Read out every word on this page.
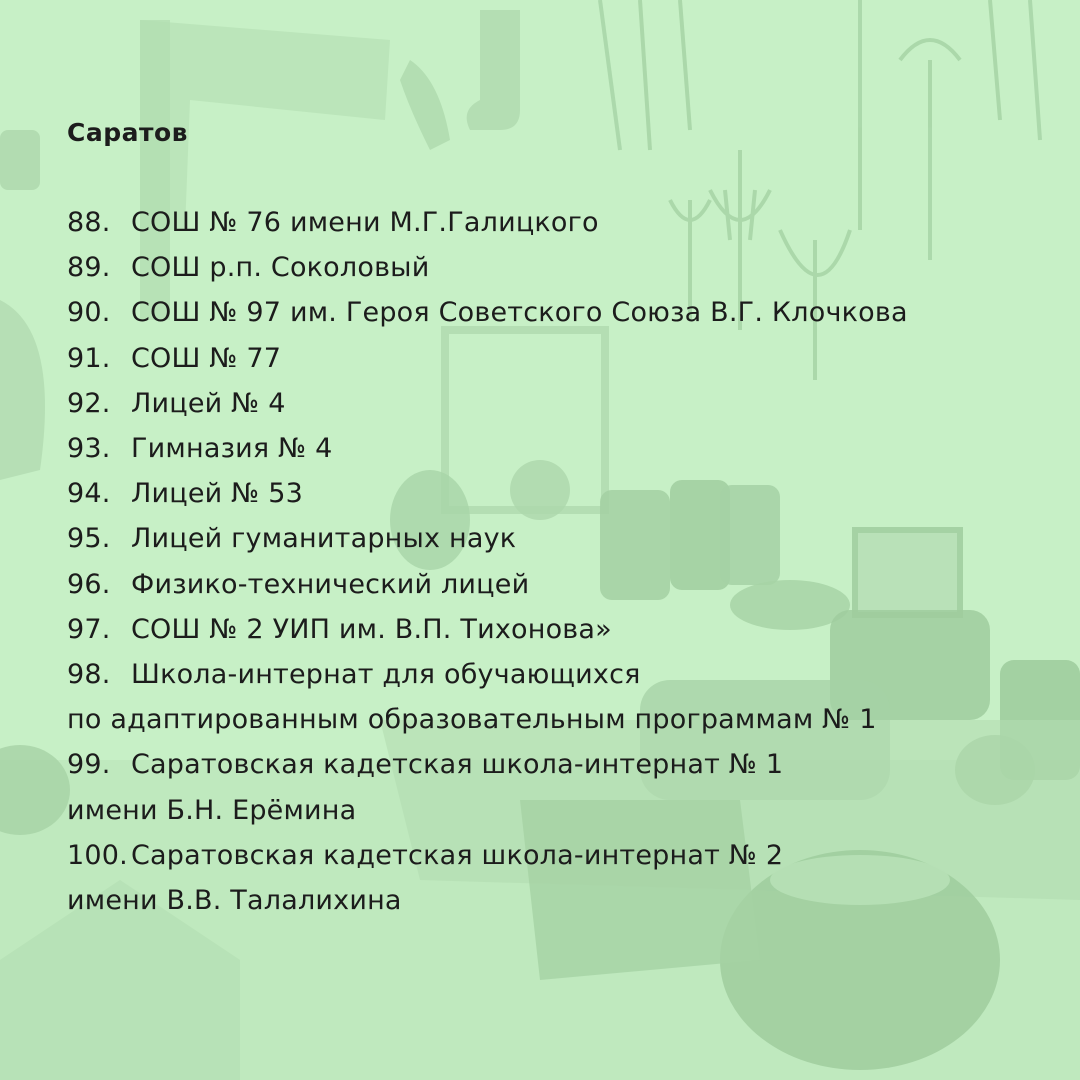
Саратов
88. СОШ № 76 имени М.Г.Галицкого
89. СОШ р.п. Соколовый
90. СОШ № 97 им. Героя Советского Союза В.Г. Клочкова
91. СОШ № 77
92. Лицей № 4
93. Гимназия № 4
94. Лицей № 53
95. Лицей гуманитарных наук
96. Физико-технический лицей
97. СОШ № 2 УИП им. В.П. Тихонова»
98. Школа-интернат для обучающихся
по адаптированным образовательным программам № 1
99. Саратовская кадетская школа-интернат № 1
имени Б.Н. Ерёмина
100. Саратовская кадетская школа-интернат № 2
имени В.В. Талалихина
